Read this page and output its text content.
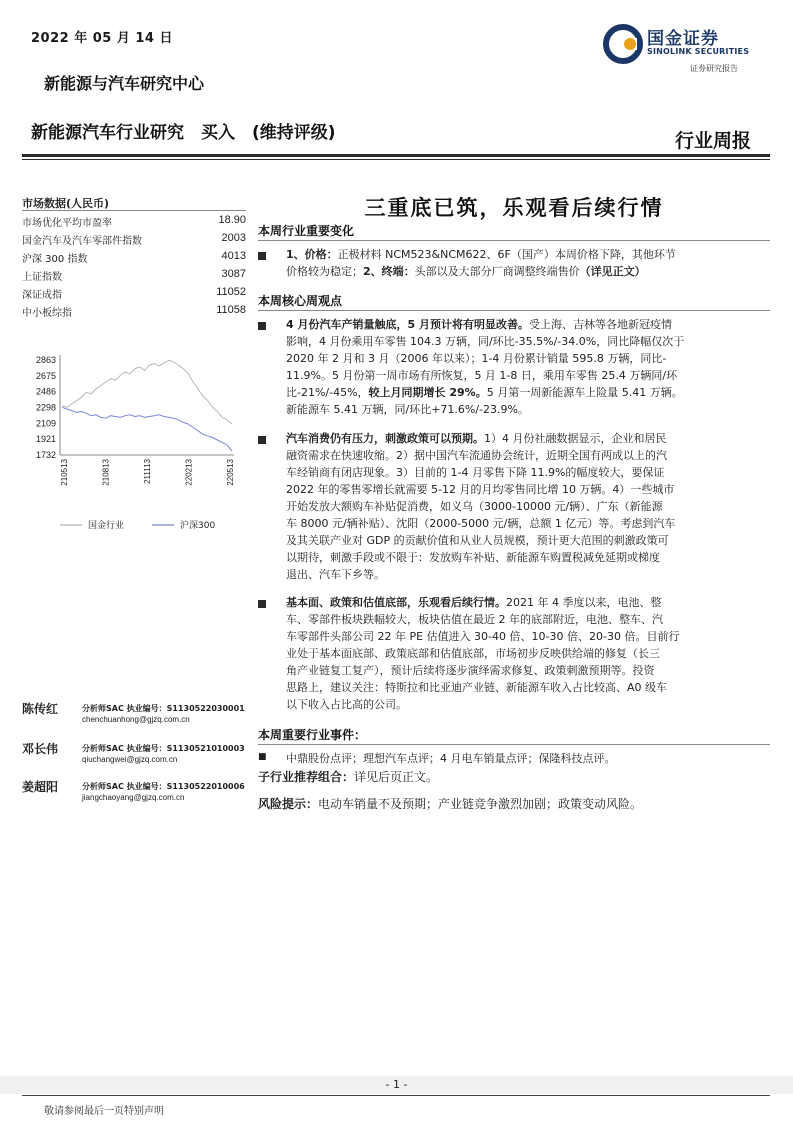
2022 年 05 月 14 日
新能源与汽车研究中心
国金证券
SINOLINK SECURITIES
证券研究报告
新能源汽车行业研究　买入　(维持评级)	行业周报
市场数据(人民币)
市场优化平均市盈率	18.90
国金汽车及汽车零部件指数	2003
沪深 300 指数	4013
上证指数	3087
深证成指	11052
中小板综指	11058
2863
2675
2486
2298
2109
1921
1732
210513	210813	211113	220213	220513
国金行业	沪深300
陈传红	分析师SAC 执业编号：S1130522030001
chenchuanhong@gjzq.com.cn
邓长伟	分析师SAC 执业编号：S1130521010003
qiuchangwei@gjzq.com.cn
姜超阳	分析师SAC 执业编号：S1130522010006
jiangchaoyang@gjzq.com.cn
三重底已筑，乐观看后续行情
本周行业重要变化
1、价格：正极材料 NCM523&NCM622、6F（国产）本周价格下降，其他环节
价格较为稳定；2、终端：头部以及大部分厂商调整终端售价（详见正文）
本周核心周观点
4 月份汽车产销量触底，5 月预计将有明显改善。受上海、吉林等各地新冠疫情
影响，4 月份乘用车零售 104.3 万辆，同/环比-35.5%/-34.0%，同比降幅仅次于
2020 年 2 月和 3 月（2006 年以来）；1-4 月份累计销量 595.8 万辆，同比-
11.9%。5 月份第一周市场有所恢复，5 月 1-8 日，乘用车零售 25.4 万辆同/环
比-21%/-45%，较上月同期增长 29%。5 月第一周新能源车上险量 5.41 万辆。
新能源车 5.41 万辆，同/环比+71.6%/-23.9%。
汽车消费仍有压力，刺激政策可以预期。1）4 月份社融数据显示，企业和居民
融资需求在快速收缩。2）据中国汽车流通协会统计，近期全国有两成以上的汽
车经销商有闭店现象。3）目前的 1-4 月零售下降 11.9%的幅度较大，要保证
2022 年的零售零增长就需要 5-12 月的月均零售同比增 10 万辆。4）一些城市
开始发放大额购车补贴促消费，如义乌（3000-10000 元/辆）、广东（新能源
车 8000 元/辆补贴）、沈阳（2000-5000 元/辆，总额 1 亿元）等。考虑到汽车
及其关联产业对 GDP 的贡献价值和从业人员规模，预计更大范围的刺激政策可
以期待，刺激手段或不限于：发放购车补贴、新能源车购置税减免延期或梯度
退出、汽车下乡等。
基本面、政策和估值底部，乐观看后续行情。2021 年 4 季度以来，电池、整
车、零部件板块跌幅较大，板块估值在最近 2 年的底部附近，电池、整车、汽
车零部件头部公司 22 年 PE 估值进入 30-40 倍、10-30 倍、20-30 倍。目前行
业处于基本面底部、政策底部和估值底部，市场初步反映供给端的修复（长三
角产业链复工复产），预计后续将逐步演绎需求修复、政策刺激预期等。投资
思路上，建议关注：特斯拉和比亚迪产业链、新能源车收入占比较高、A0 级车
以下收入占比高的公司。
本周重要行业事件：
■ 中鼎股份点评；理想汽车点评；4 月电车销量点评；保隆科技点评。
子行业推荐组合：详见后页正文。
风险提示：电动车销量不及预期；产业链竞争激烈加剧；政策变动风险。
- 1 -
敬请参阅最后一页特别声明
